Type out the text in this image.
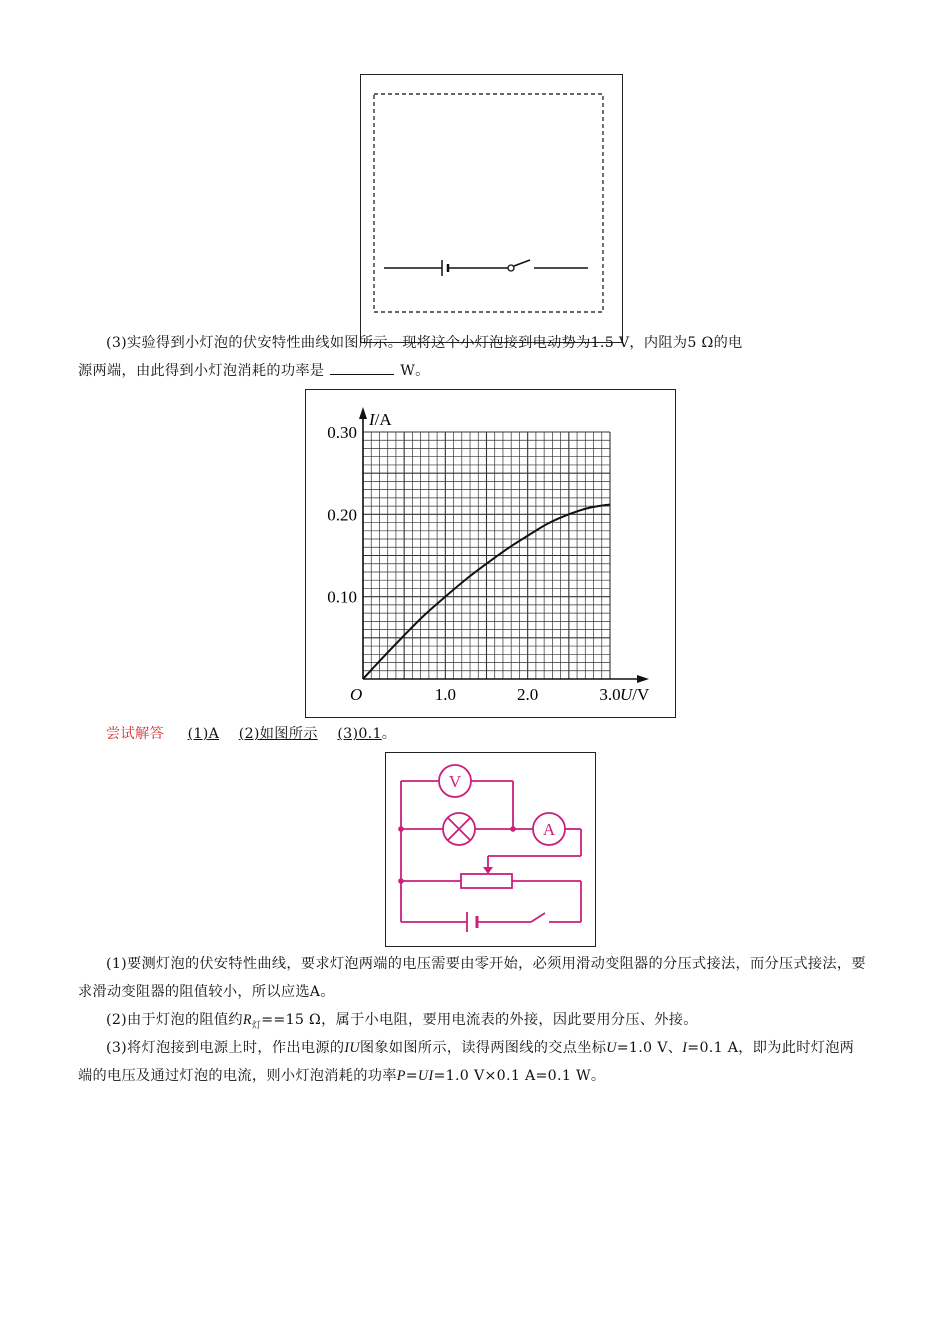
(3)实验得到小灯泡的伏安特性曲线如图所示。现将这个小灯泡接到电动势为1.5 V，内阻为5 Ω的电
源两端，由此得到小灯泡消耗的功率是	W。
0.30
0.20
0.10
1.0	2.0	3.0
O
I/A
U/V
尝试解答 (1)A (2)如图所示 (3)0.1。
V
A
(1)要测灯泡的伏安特性曲线，要求灯泡两端的电压需要由零开始，必须用滑动变阻器的分压式接法，而分压式接法，要求滑动变阻器的阻值较小，所以应选A。
(2)由于灯泡的阻值约$R_灯==15$ Ω，属于小电阻，要用电流表的外接，因此要用分压、外接。
(3)将灯泡接到电源上时，作出电源的IU图象如图所示，读得两图线的交点坐标U=1.0 V、I=0.1 A，即为此时灯泡两端的电压及通过灯泡的电流，则小灯泡消耗的功率P=UI=1.0 V×0.1 A=0.1 W。
